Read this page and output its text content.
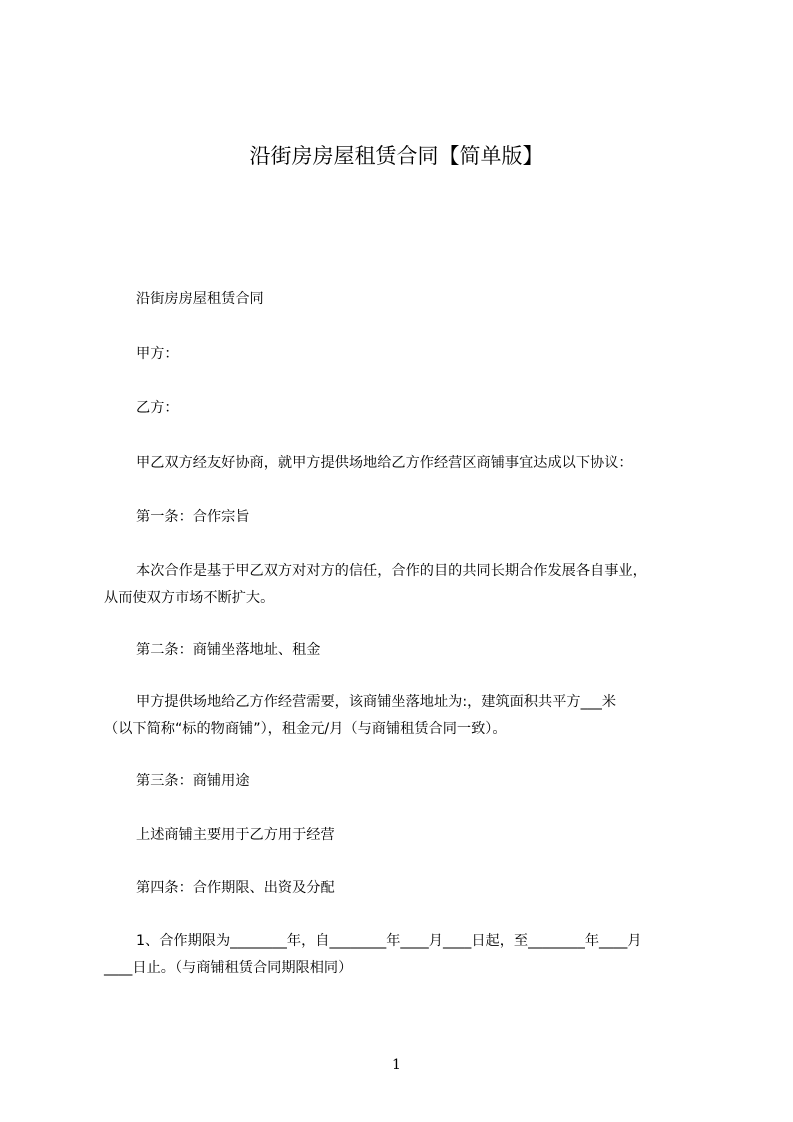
沿街房房屋租赁合同【简单版】

沿街房房屋租赁合同

甲方：

乙方：

甲乙双方经友好协商，就甲方提供场地给乙方作经营区商铺事宜达成以下协议：

第一条：合作宗旨

本次合作是基于甲乙双方对对方的信任，合作的目的共同长期合作发展各自事业，

从而使双方市场不断扩大。

第二条：商铺坐落地址、租金

甲方提供场地给乙方作经营需要，该商铺坐落地址为:，建筑面积共平方___米

（以下简称“标的物商铺”），租金元/月（与商铺租赁合同一致）。

第三条：商铺用途

上述商铺主要用于乙方用于经营

第四条：合作期限、出资及分配

1、合作期限为________年，自________年____月____日起，至________年____月

____日止。（与商铺租赁合同期限相同）

1
